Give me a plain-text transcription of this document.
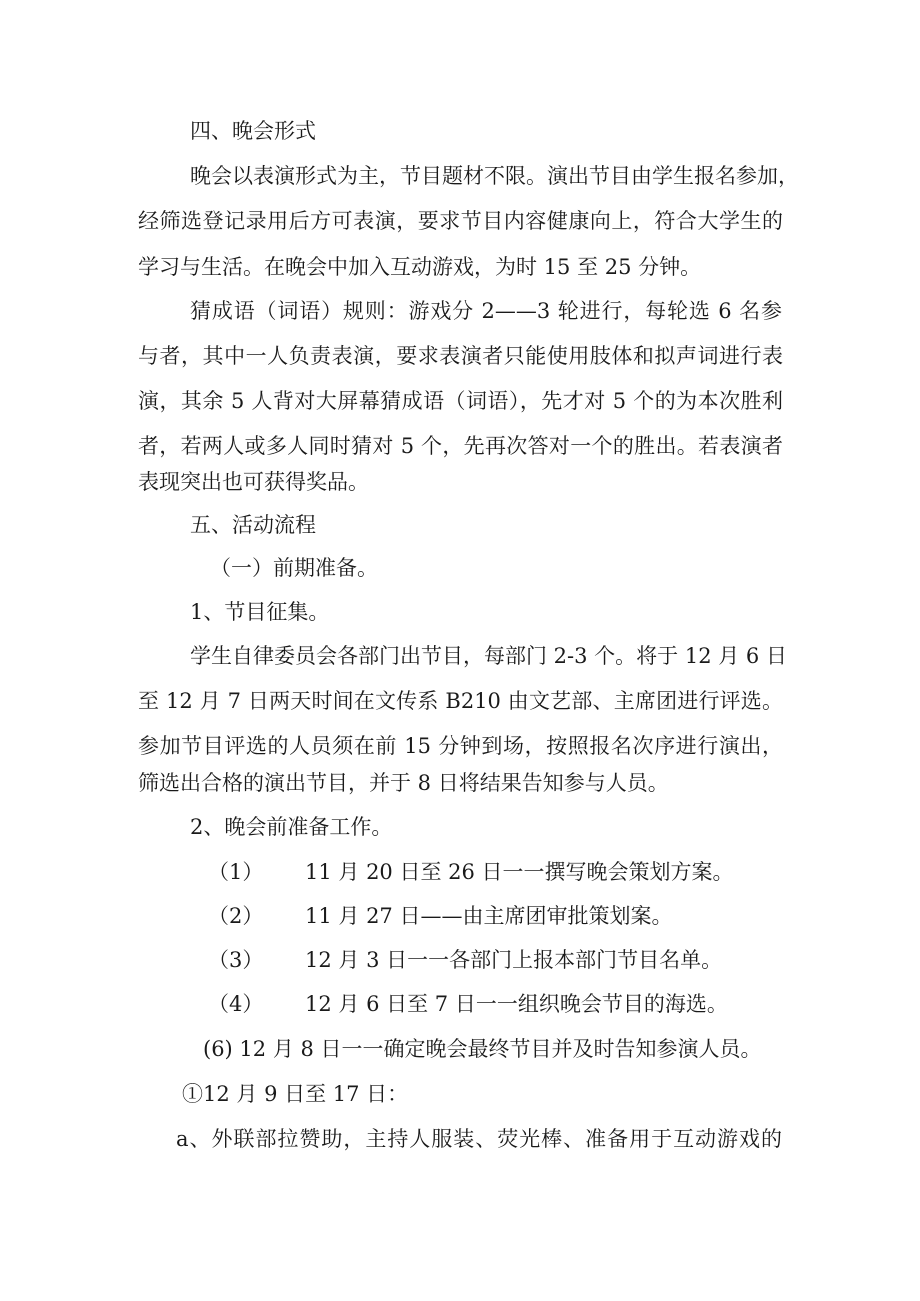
四、晚会形式
晚会以表演形式为主，节目题材不限。演出节目由学生报名参加，
经筛选登记录用后方可表演，要求节目内容健康向上，符合大学生的
学习与生活。在晚会中加入互动游戏，为时 15 至 25 分钟。
猜成语（词语）规则：游戏分 2——3 轮进行，每轮选 6 名参
与者，其中一人负责表演，要求表演者只能使用肢体和拟声词进行表
演，其余 5 人背对大屏幕猜成语（词语），先才对 5 个的为本次胜利
者，若两人或多人同时猜对 5 个，先再次答对一个的胜出。若表演者
表现突出也可获得奖品。
五、活动流程
（一）前期准备。
1、节目征集。
学生自律委员会各部门出节目，每部门 2-3 个。将于 12 月 6 日
至 12 月 7 日两天时间在文传系 B210 由文艺部、主席团进行评选。
参加节目评选的人员须在前 15 分钟到场，按照报名次序进行演出，
筛选出合格的演出节目，并于 8 日将结果告知参与人员。
2、晚会前准备工作。
（1） 11 月 20 日至 26 日一一撰写晚会策划方案。
（2） 11 月 27 日——由主席团审批策划案。
（3） 12 月 3 日一一各部门上报本部门节目名单。
（4） 12 月 6 日至 7 日一一组织晚会节目的海选。
(6) 12 月 8 日一一确定晚会最终节目并及时告知参演人员。
①12 月 9 日至 17 日：
a、外联部拉赞助，主持人服装、荧光棒、准备用于互动游戏的
